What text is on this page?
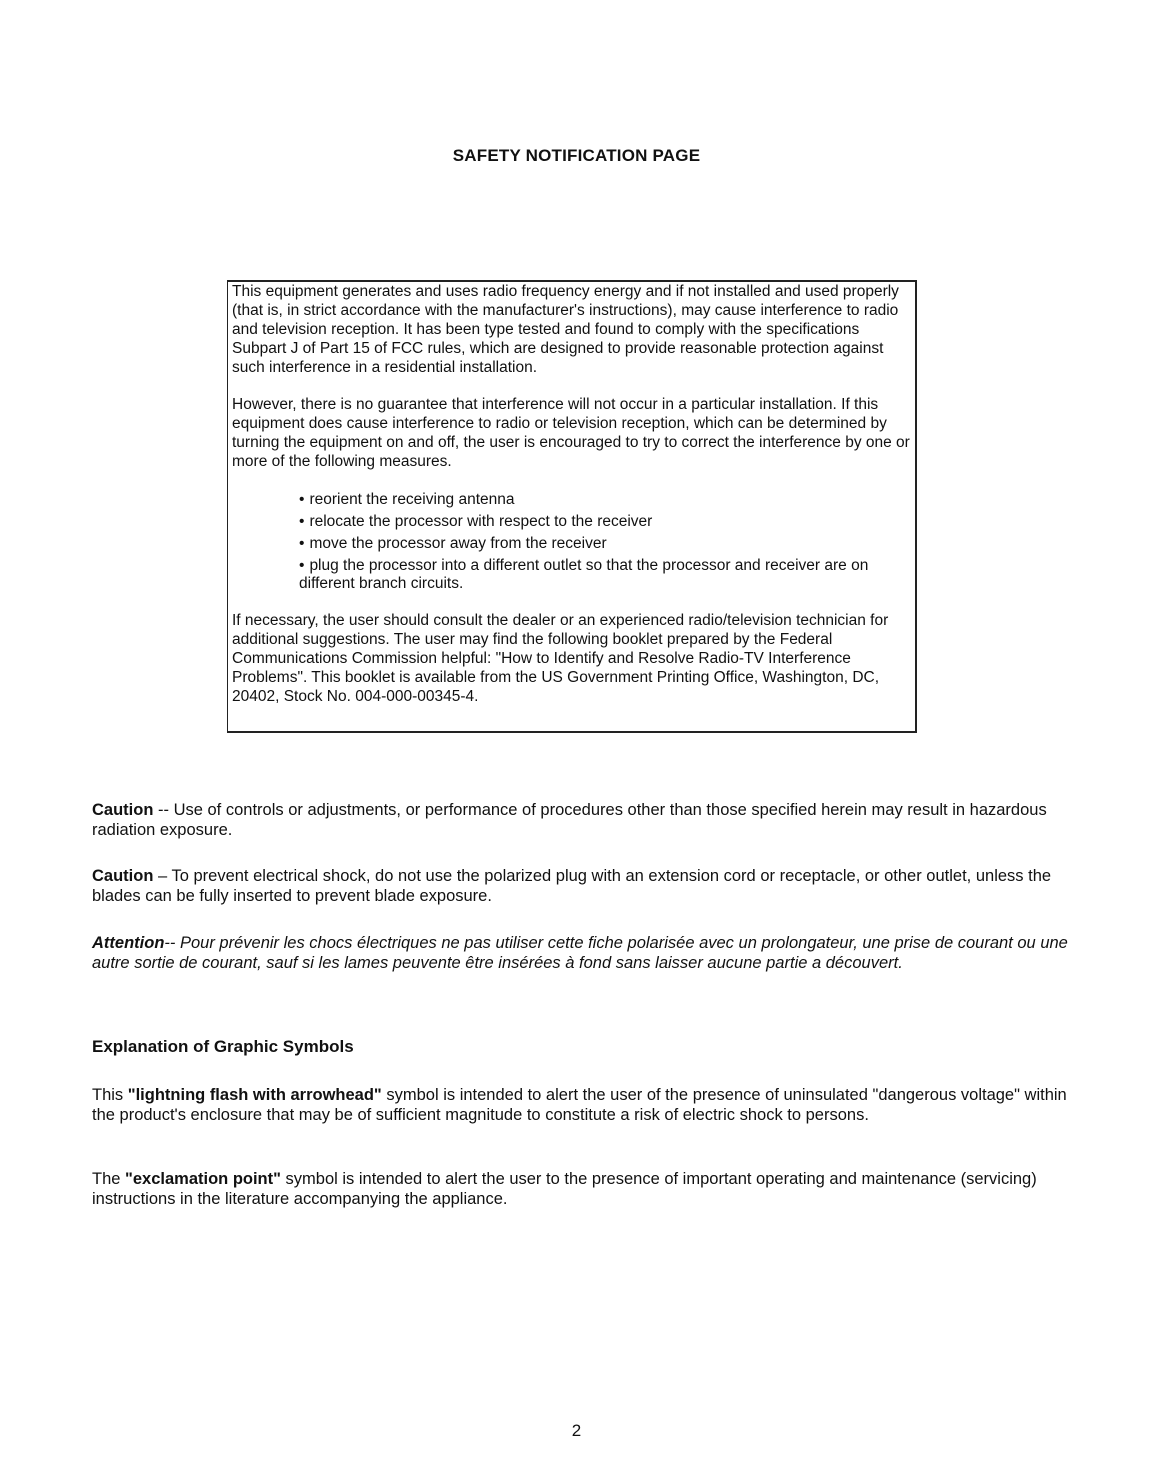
SAFETY NOTIFICATION PAGE

This equipment generates and uses radio frequency energy and if not installed and used properly (that is, in strict accordance with the manufacturer's instructions), may cause interference to radio and television reception. It has been type tested and found to comply with the specifications Subpart J of Part 15 of FCC rules, which are designed to provide reasonable protection against such interference in a residential installation.

However, there is no guarantee that interference will not occur in a particular installation. If this equipment does cause interference to radio or television reception, which can be determined by turning the equipment on and off, the user is encouraged to try to correct the interference by one or more of the following measures.

• reorient the receiving antenna
• relocate the processor with respect to the receiver
• move the processor away from the receiver
• plug the processor into a different outlet so that the processor and receiver are on different branch circuits.

If necessary, the user should consult the dealer or an experienced radio/television technician for additional suggestions. The user may find the following booklet prepared by the Federal Communications Commission helpful: "How to Identify and Resolve Radio-TV Interference Problems". This booklet is available from the US Government Printing Office, Washington, DC, 20402, Stock No. 004-000-00345-4.

Caution -- Use of controls or adjustments, or performance of procedures other than those specified herein may result in hazardous radiation exposure.

Caution – To prevent electrical shock, do not use the polarized plug with an extension cord or receptacle, or other outlet, unless the blades can be fully inserted to prevent blade exposure.

Attention-- Pour prévenir les chocs électriques ne pas utiliser cette fiche polarisée avec un prolongateur, une prise de courant ou une autre sortie de courant, sauf si les lames peuvente être insérées à fond sans laisser aucune partie a découvert.

Explanation of Graphic Symbols

This "lightning flash with arrowhead" symbol is intended to alert the user of the presence of uninsulated "dangerous voltage" within the product's enclosure that may be of sufficient magnitude to constitute a risk of electric shock to persons.

The "exclamation point" symbol is intended to alert the user to the presence of important operating and maintenance (servicing) instructions in the literature accompanying the appliance.

2
